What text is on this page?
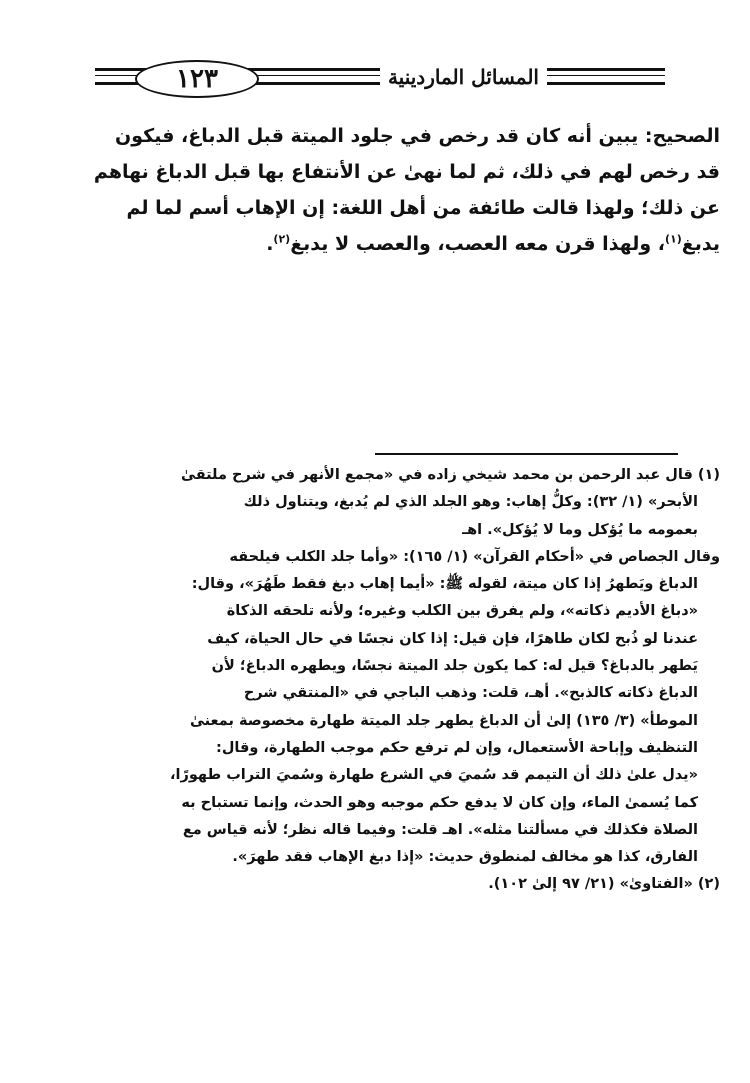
المسائل الماردينية
١٢٣

الصحيح: يبين أنه كان قد رخص في جلود الميتة قبل الدباغ، فيكون

قد رخص لهم في ذلك، ثم لما نهىٰ عن الأنتفاع بها قبل الدباغ نهاهم

عن ذلك؛ ولهذا قالت طائفة من أهل اللغة: إن الإهاب أسم لما لم

يدبغ$^{(١)}$، ولهذا قرن معه العصب، والعصب لا يدبغ$^{(٢)}$.

(١) قال عبد الرحمن بن محمد شيخي زاده في «مجمع الأنهر في شرح ملتقىٰ

الأبحر» (١/ ٣٢): وكلُّ إهاب: وهو الجلد الذي لم يُدبغ، ويتناول ذلك

بعمومه ما يُؤكل وما لا يُؤكل». اهـ

وقال الجصاص في «أحكام القرآن» (١/ ١٦٥): «وأما جلد الكلب فيلحقه

الدباغ ويَطهرُ إذا كان ميتة، لقوله ﷺ: «أيما إهاب دبغ فقط طَهُرَ»، وقال:

«دباغ الأديم ذكاته»، ولم يفرق بين الكلب وغيره؛ ولأنه تلحقه الذكاة

عندنا لو ذُبح لكان طاهرًا، فإن قيل: إذا كان نجسًا في حال الحياة، كيف

يَطهر بالدباغ؟ قيل له: كما يكون جلد الميتة نجسًا، ويطهره الدباغ؛ لأن

الدباغ ذكاته كالذبح». أهـ، قلت: وذهب الباجي في «المنتقي شرح

الموطأ» (٣/ ١٣٥) إلىٰ أن الدباغ يطهر جلد الميتة طهارة مخصوصة بمعنىٰ

التنظيف وإباحة الأستعمال، وإن لم ترفع حكم موجب الطهارة، وقال:

«يدل علىٰ ذلك أن التيمم قد سُميَ في الشرع طهارة وسُميَ التراب طهورًا،

كما يُسمىٰ الماء، وإن كان لا يدفع حكم موجبه وهو الحدث، وإنما تستباح به

الصلاة فكذلك في مسألتنا مثله». اهـ قلت: وفيما قاله نظر؛ لأنه قياس مع

الفارق، كذا هو مخالف لمنطوق حديث: «إذا دبغ الإهاب فقد طهرَ».

(٢) «الفتاوىٰ» (٢١/ ٩٧ إلىٰ ١٠٢).
